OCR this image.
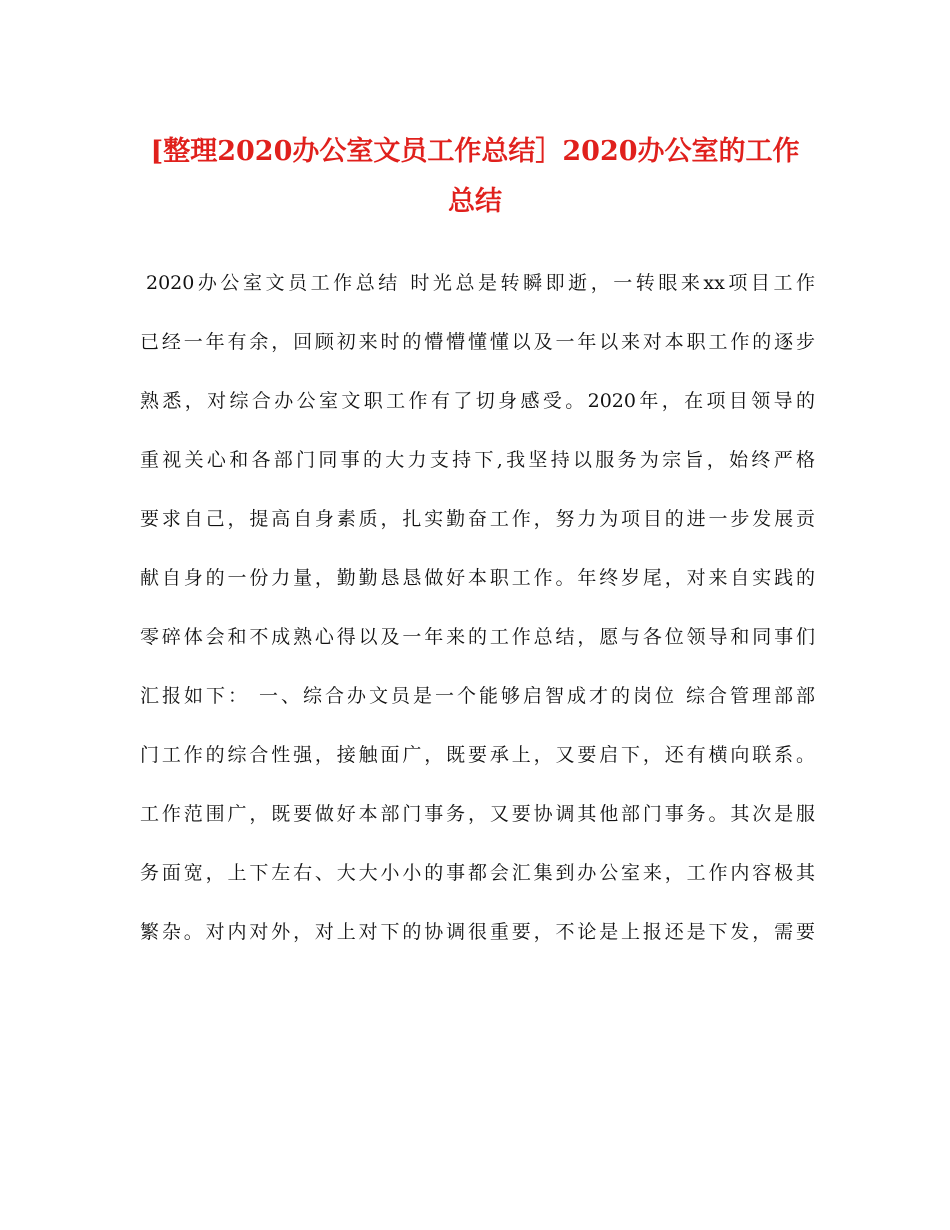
[整理2020办公室文员工作总结］2020办公室的工作
总结
2020办公室文员工作总结 时光总是转瞬即逝，一转眼来xx项目工作
已经一年有余，回顾初来时的懵懵懂懂以及一年以来对本职工作的逐步
熟悉，对综合办公室文职工作有了切身感受。2020年，在项目领导的
重视关心和各部门同事的大力支持下,我坚持以服务为宗旨，始终严格
要求自己，提高自身素质，扎实勤奋工作，努力为项目的进一步发展贡
献自身的一份力量，勤勤恳恳做好本职工作。年终岁尾，对来自实践的
零碎体会和不成熟心得以及一年来的工作总结，愿与各位领导和同事们
汇报如下： 一、综合办文员是一个能够启智成才的岗位 综合管理部部
门工作的综合性强，接触面广，既要承上，又要启下，还有横向联系。
工作范围广，既要做好本部门事务，又要协调其他部门事务。其次是服
务面宽，上下左右、大大小小的事都会汇集到办公室来，工作内容极其
繁杂。对内对外，对上对下的协调很重要，不论是上报还是下发，需要
